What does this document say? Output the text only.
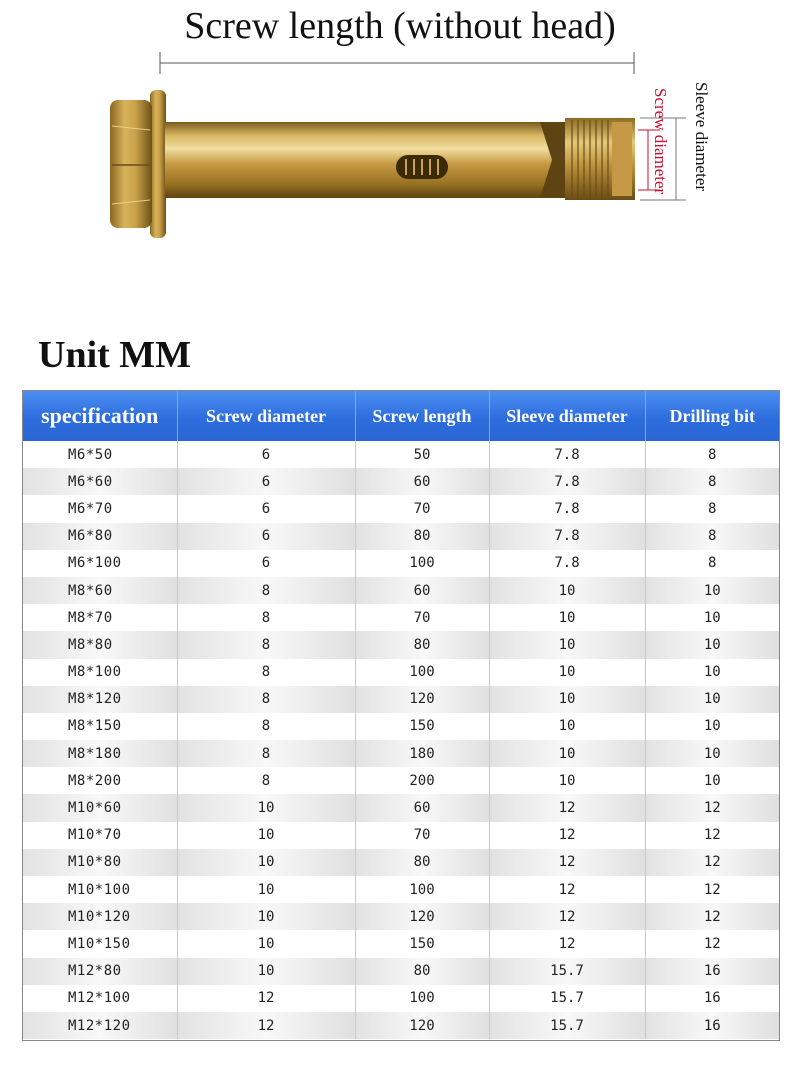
Screw length (without head)
Screw diameter Sleeve diameter
Unit MM
specification	Screw diameter	Screw length	Sleeve diameter	Drilling bit
M6*50	6	50	7.8	8
M6*60	6	60	7.8	8
M6*70	6	70	7.8	8
M6*80	6	80	7.8	8
M6*100	6	100	7.8	8
M8*60	8	60	10	10
M8*70	8	70	10	10
M8*80	8	80	10	10
M8*100	8	100	10	10
M8*120	8	120	10	10
M8*150	8	150	10	10
M8*180	8	180	10	10
M8*200	8	200	10	10
M10*60	10	60	12	12
M10*70	10	70	12	12
M10*80	10	80	12	12
M10*100	10	100	12	12
M10*120	10	120	12	12
M10*150	10	150	12	12
M12*80	10	80	15.7	16
M12*100	12	100	15.7	16
M12*120	12	120	15.7	16
